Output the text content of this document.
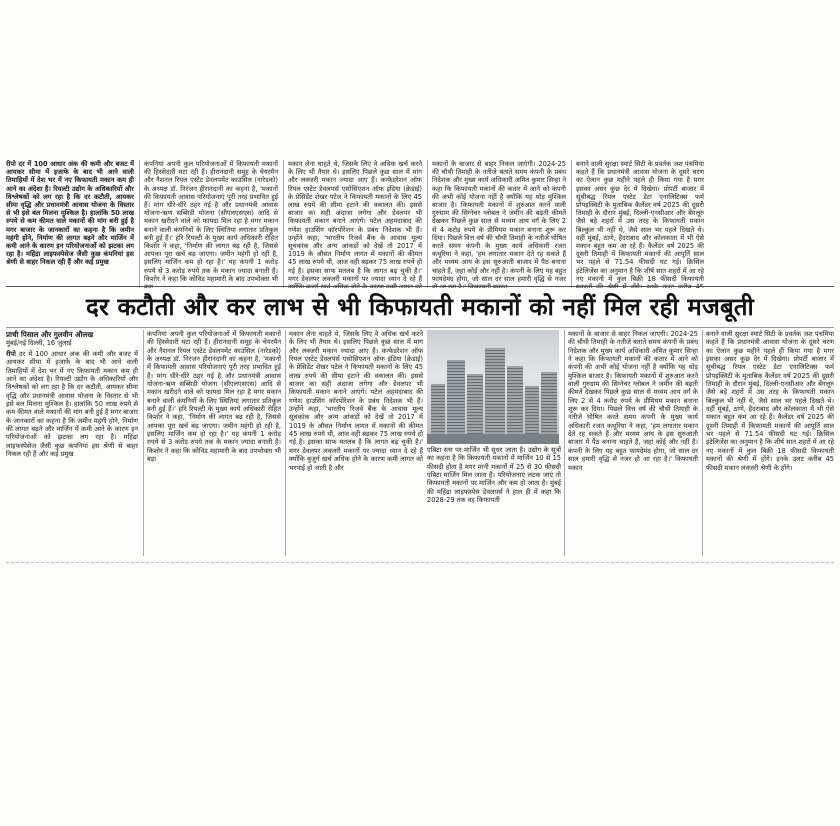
रीपो दर में 100 आधार अंक की कमी और बजट में आयकर सीमा में इजाफे के बाद भी आने वाली तिमाहियों में देश भर में नए किफायती मकान कम ही आने का अंदेशा है। रियल्टी उद्योग के अधिकारियों और विश्लेषकों को लग रहा है कि दर कटौती, आयकर सीमा वृद्धि और प्रधानमंत्री आवास योजना के विस्तार से भी इसे बल मिलना मुश्किल है। हालांकि 50 लाख रुपये से कम कीमत वाले मकानों की मांग बनी हुई है मगर बाजार के जानकारों का कहना है कि जमीन महंगी होने, निर्माण की लागत बढ़ने और मार्जिन में कमी आने के कारण इन परियोजनाओं को झटका लग रहा है। महिंद्रा लाइफस्पेसेज जैसी कुछ कंपनियां इस श्रेणी से बाहर निकल रही हैं और कई प्रमुख
कंपनियां अपनी कुल परियोजनाओं में किफायती मकानों की हिस्सेदारी घटा रही हैं। हीरानंदानी समूह के चेयरमैन और नैशनल रियल एस्टेट डेवलपमेंट काउंसिल (नारेडको) के अध्यक्ष डॉ. निरंजन हीरानंदानी का कहना है, 'मकानों की किफायती आवास परियोजनाएं पूरी तरह प्रभावित हुई हैं। मांग धीरे-धीरे ठहर गई है और प्रधानमंत्री आवास योजना-ऋण सब्सिडी योजना (सीएलएसएस) आदि से मकान खरीदने वाले को फायदा मिल रहा है मगर मकान बनाने वाली कंपनियों के लिए स्थितियां लगातार प्रतिकूल बनी हुई हैं।' हरि रियल्टी के मुख्य कार्य अधिकारी रोहित किशोर ने कहा, 'निर्माण की लागत बढ़ रही है, जिससे आपका पूरा खर्च बढ़ जाएगा। जमीन महंगी हो रही है, इसलिए मार्जिन कम हो रहा है।' यह कंपनी 1 करोड़ रुपये से 3 करोड़ रुपये तक के मकान ज्यादा बनाती है। किशोर ने कहा कि कोविड महामारी के बाद उपभोक्ता भी
मकान लेना चाहते थे, जिसके लिए वे अधिक खर्च करने के लिए भी तैयार थे। इसलिए पिछले कुछ साल में मांग और लक्जरी मकान ज्यादा आए हैं। कन्फेडरेशन ऑफ रियल एस्टेट डेवलपर्स एसोसिएशन ऑफ इंडिया (क्रेडाई) के प्रेसिडेंट शेखर पटेल ने किफायती मकानों के लिए 45 लाख रुपये की सीमा हटाने की वकालत की। इससे बाजार का सही अंदाजा लगेगा और डेवलपर भी किफायती मकान बनाने आएंगे। पटेल अहमदाबाद की गणेश हाउसिंग कॉरपोरेशन के प्रबंध निदेशक भी हैं। उन्होंने कहा, 'भारतीय रिजर्व बैंक के आवास मूल्य सूचकांक और अन्य आंकड़ों को देखें तो 2017 में 1019 के औसत निर्माण लागत में मकानों की कीमत 45 लाख रुपये थी, आज वही बढ़कर 75 लाख रुपये हो गई है। इसका साफ मतलब है कि लागत बढ़ चुकी है।' मगर डेवलपर लक्जरी मकानों पर ज्यादा ध्यान दे रहे हैं
मकानों के बाजार से बाहर निकल जाएंगी। 2024-25 की चौथी तिमाही के नतीजे बताते समय कंपनी के प्रबंध निदेशक और मुख्य कार्य अधिकारी अमित कुमार सिन्हा ने कहा कि किफायती मकानों की कतार में आने को कंपनी की अभी कोई योजना नहीं है क्योंकि यह थोड़ मुश्किल बाजार है। किफायती मकानों में शुरुआत करने वाली गुरुग्राम की सिग्नेचर ग्लोबल ने जमीन की बढ़ती कीमतें देखकर पिछले कुछ साल से मध्यम आय वर्ग के लिए 2 से 4 करोड़ रुपये के प्रीमियम मकान बनाना शुरू कर दिया। पिछले वित्त वर्ष की चौथी तिमाही के नतीजे घोषित करते समय कंपनी के मुख्य कार्य अधिकारी रजत कथूरिया ने कहा, 'हम लगातार मकान देते रह सकते हैं और मध्यम आय के इस सुरुआती बाजार में पैठ बनाना चाहते हैं, जहां कोई और नहीं है। कंपनी के लिए यह बहुत फायदेमंद होगा, जो साल दर साल हमारी वृद्धि से नजर
बनाने वाली सुरक्षा स्मार्ट सिटी के प्रवर्तक जश पंचमिया कहते हैं कि प्रधानमंत्री आवास योजना के दूसरे चरण का ऐलान कुछ महीने पहले ही किया गया है मगर इसका असर कुछ देर में दिखेगा। प्रोपर्टी बाजार में सूचीबद्ध रियल एस्टेट डेटा एनालिटिक्स फर्म प्रोपइक्विटी के मुताबिक कैलेंडर वर्ष 2025 की दूसरी तिमाही के दौरान मुंबई, दिल्ली-एनसीआर और बेंगलूरु जैसे बड़े शहरों में उस तरह के किफायती मकान बिल्कुल भी नहीं थे, जैसे साल भर पहले दिखते थे। वहीं मुंबई, ठाणे, हैदराबाद और कोलकाता में भी ऐसे मकान बहुत कम आ रहे हैं। कैलेंडर वर्ष 2025 की दूसरी तिमाही में किफायती मकानों की आपूर्ति साल भर पहले से 71.54 फीसदी घट गई। क्रिसिल इंटेलिजेंस का अनुमान है कि शीर्ष सात शहरों में आ रहे नए मकानों में कुल बिक्री 18 फीसदी किफायती
दर कटौती और कर लाभ से भी किफायती मकानों को नहीं मिल रही मजबूती
प्राची पिसाल और गुलवीन औलख
मुंबई/नई दिल्ली, 16 जुलाई
रीपो दर में 100 आधार अंक की कमी और बजट में आयकर सीमा में इजाफे के बाद भी आने वाली तिमाहियों में देश भर में नए किफायती मकान कम ही आने का अंदेशा है। रियल्टी उद्योग के अधिकारियों और विश्लेषकों को लग रहा है कि दर कटौती, आयकर सीमा वृद्धि और प्रधानमंत्री आवास योजना के विस्तार से भी इसे बल मिलना मुश्किल है। हालांकि 50 लाख रुपये से कम कीमत वाले मकानों की मांग बनी हुई है मगर बाजार के जानकारों का कहना है कि जमीन महंगी होने, निर्माण की लागत बढ़ने और मार्जिन में कमी आने के कारण इन परियोजनाओं को झटका लग रहा है। महिंद्रा लाइफस्पेसेज जैसी कुछ कंपनियां इस श्रेणी से बाहर निकल रही हैं और कई प्रमुख
कंपनियां अपनी कुल परियोजनाओं में किफायती मकानों की हिस्सेदारी घटा रही हैं। हीरानंदानी समूह के चेयरमैन और नैशनल रियल एस्टेट डेवलपमेंट काउंसिल (नारेडको) के अध्यक्ष डॉ. निरंजन हीरानंदानी का कहना है, 'मकानों में किफायती आवास परियोजनाएं पूरी तरह प्रभावित हुई हैं। मांग धीरे-धीरे ठहर गई है और प्रधानमंत्री आवास योजना-ऋण सब्सिडी योजना (सीएलएसएस) आदि से मकान खरीदने वाले को फायदा मिल रहा है मगर मकान बनाने वाली कंपनियों के लिए स्थितियां लगातार प्रतिकूल बनी हुई हैं।' हरि रियल्टी के मुख्य कार्य अधिकारी रोहित किशोर ने कहा, 'निर्माण की लागत बढ़ रही है, जिससे आपका पूरा खर्च बढ़ जाएगा। जमीन महंगी हो रही है, इसलिए मार्जिन कम हो रहा है।' यह कंपनी 1 करोड़ रुपये से 3 करोड़ रुपये तक के मकान ज्यादा बनाती है। किशोर ने कहा कि कोविड महामारी के बाद उपभोक्ता भी बड़ा
मकान लेना चाहते थे, जिसके लिए वे अधिक खर्च करने के लिए भी तैयार थे। इसलिए पिछले कुछ साल में मांग और लक्जरी मकान ज्यादा आए हैं। कन्फेडरेशन ऑफ रियल एस्टेट डेवलपर्स एसोसिएशन ऑफ इंडिया (क्रेडाई) के प्रेसिडेंट शेखर पटेल ने किफायती मकानों के लिए 45 लाख रुपये की सीमा हटाने की वकालत की। इससे बाजार का सही अंदाजा लगेगा और डेवलपर भी किफायती मकान बनाने आएंगे। पटेल अहमदाबाद की गणेश हाउसिंग कॉरपोरेशन के प्रबंध निदेशक भी हैं। उन्होंने कहा, 'भारतीय रिजर्व बैंक के आवास मूल्य सूचकांक और अन्य आंकड़ों को देखें तो 2017 में 1019 के औसत निर्माण लागत में मकानों की कीमत 45 लाख रुपये थी, आज वही बढ़कर 75 लाख रुपये हो गई है। इसका साफ मतलब है कि लागत बढ़ चुकी है।' मगर डेवलपर लक्जरी मकानों पर ज्यादा ध्यान दे रहे हैं क्योंकि बुजुर्ग खर्च अधिक होने के कारण कमी लागत को भरपाई हो जाती है और
एबिटा स्तर पर मार्जिन भी सुधर जाता है। उद्योग के सूत्रों का कहना है कि किफायती मकानों में मार्जिन 10 से 15 फीसदी होता है मगर मानी मकानों में 25 से 30 फीसदी एबिटा मार्जिन मिल जाता है। परियोजनाएं लटक जाएं तो किफायती मकानों पर मार्जिन और कम हो जाता है। मुंबई की महिंद्रा लाइफस्पेस डेवलपर्स ने हाल ही में कहा कि 2028-29 तक वह किफायती
मकानों के बाजार से बाहर निकल जाएगी। 2024-25 की चौथी तिमाही के नतीजे बताते समय कंपनी के प्रबंध निदेशक और मुख्य कार्य अधिकारी अमित कुमार सिन्हा ने कहा कि किफायती मकानों की कतार में आने को कंपनी की अभी कोई योजना नहीं है क्योंकि यह थोड़ मुश्किल बाजार है। किफायती मकानों में शुरुआत करने वाली गुरुग्राम की सिग्नेचर ग्लोबल ने जमीन की बढ़ती कीमतें देखकर पिछले कुछ साल से मध्यम आय वर्ग के लिए 2 से 4 करोड़ रुपये के प्रीमियम मकान बनाना शुरू कर दिया। पिछले वित्त वर्ष की चौथी तिमाही के नतीजे घोषित करते समय कंपनी के मुख्य कार्य अधिकारी रजत कथूरिया ने कहा, 'हम लगातार मकान देते रह सकते हैं और मध्यम आय के इस सुरुआती बाजार में पैठ बनाना चाहते हैं, जहां कोई और नहीं है। कंपनी के लिए यह बहुत फायदेमंद होगा, जो साल दर साल हमारी वृद्धि से नजर हो आ रहा है।' किफायती मकान
बनाने वाली सुरक्षा स्मार्ट सिटी के प्रवर्तक जश पंचमिया कहते हैं कि प्रधानमंत्री आवास योजना के दूसरे चरण का ऐलान कुछ महीने पहले ही किया गया है मगर इसका असर कुछ देर में दिखेगा। प्रोपर्टी बाजार में सूचीबद्ध रियल एस्टेट डेटा एनालिटिक्स फर्म प्रोपइक्विटी के मुताबिक कैलेंडर वर्ष 2025 की दूसरी तिमाही के दौरान मुंबई, दिल्ली-एनसीआर और बेंगलूरु जैसे बड़े शहरों में उस तरह के किफायती मकान बिल्कुल भी नहीं थे, जैसे साल भर पहले दिखते थे। वहीं मुंबई, ठाणे, हैदराबाद और कोलकाता में भी ऐसे मकान बहुत कम आ रहे हैं। कैलेंडर वर्ष 2025 की दूसरी तिमाही में किफायती मकानों की आपूर्ति साल भर पहले से 71.54 फीसदी घट गई। क्रिसिल इंटेलिजेंस का अनुमान है कि शीर्ष सात शहरों में आ रहे नए मकानों में कुल बिक्री 18 फीसदी किफायती मकानों की श्रेणी में होंगे। इनके उलट करीब 45 फीसदी मकान लक्जरी श्रेणी के होंगे।
